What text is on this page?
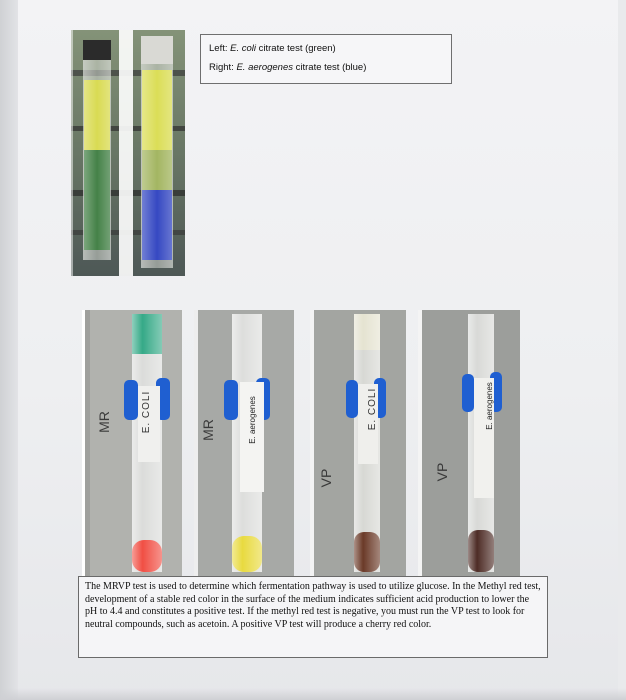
Left: E. coli citrate test (green)
Right: E. aerogenes citrate test (blue)
MR	E. COLI	MR	E. aerogenes
VP
E. COLI
VP
E. aerogenes
The MRVP test is used to determine which fermentation pathway is used to utilize glucose. In the Methyl red test, development of a stable red color in the surface of the medium indicates sufficient acid production to lower the pH to 4.4 and constitutes a positive test. If the methyl red test is negative, you must run the VP test to look for neutral compounds, such as acetoin. A positive VP test will produce a cherry red color.
